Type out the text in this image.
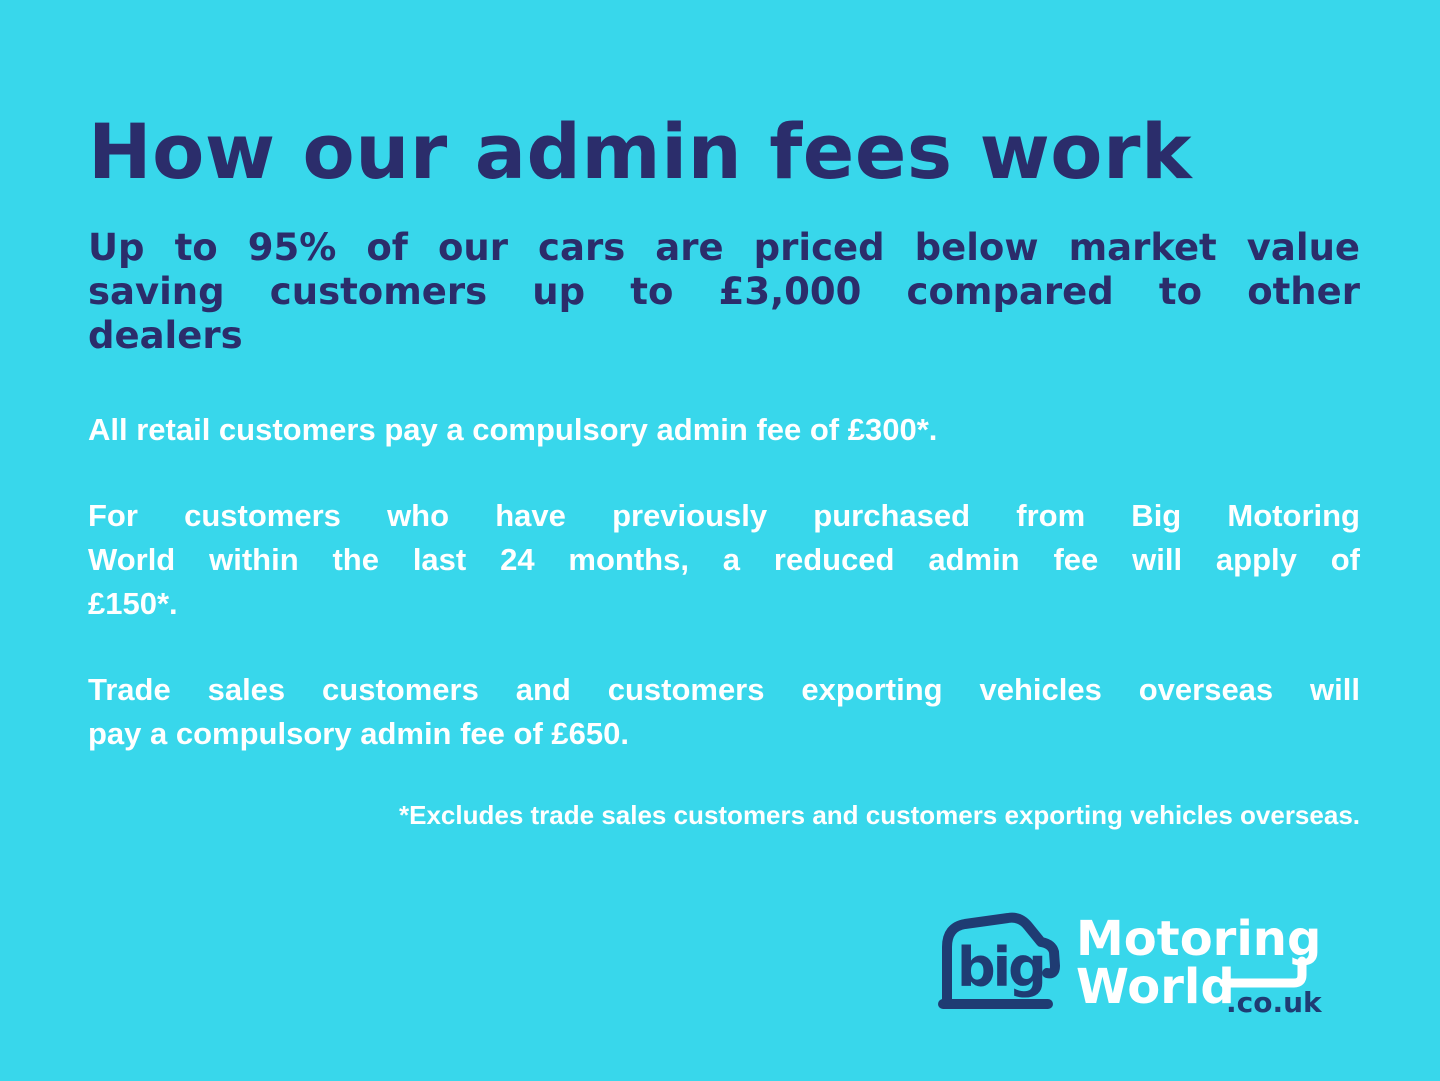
How our admin fees work
Up to 95% of our cars are priced below market value
saving customers up to £3,000 compared to other
dealers
All retail customers pay a compulsory admin fee of £300*.
For customers who have previously purchased from Big Motoring
World within the last 24 months, a reduced admin fee will apply of
£150*.
Trade sales customers and customers exporting vehicles overseas will
pay a compulsory admin fee of £650.
*Excludes trade sales customers and customers exporting vehicles overseas.
big Motoring
World
.co.uk
